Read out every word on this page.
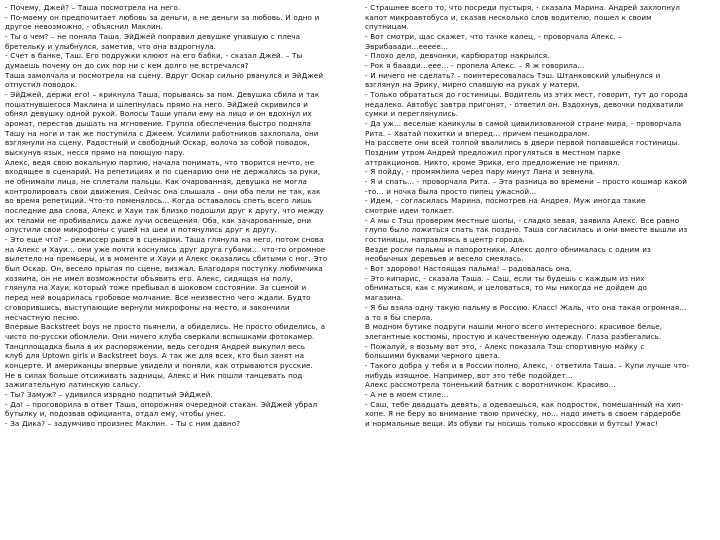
- Почему, Джей? – Таша посмотрела на него.
- По-моему он предпочитает любовь за деньги, а не деньги за любовь. И одно и
другое невозможно, - объяснил Маклин.
- Ты о чем? – не поняла Таша. ЭйДжей поправил девушке упавшую с плеча
бретельку и улыбнулся, заметив, что она вздрогнула.
- Счет в банке, Таш. Его подружки клюют на его бабки, - сказал Джей. – Ты
думаешь почему он до сих пор ни с кем долго не встречался?
Таша замолчала и посмотрела на сцену. Вдруг Оскар сильно рванулся и ЭйДжей
отпустил поводок.
- ЭйДжей, держи его! – крикнула Таша, порываясь за пом. Девушка сбила и так
пошатнувшегося Маклина и шлепнулась прямо на него. ЭйДжей скривился и
обнял девушку одной рукой. Волосы Таши упали ему на лицо и он вдохнул их
аромат, перестав дышать на мгновение. Группа обеспечения быстро поднялa
Ташу на ноги и так же поступила с Джеем. Усилили работников захлопала, они
взглянули на сцену. Радостный и свободный Оскар, волоча за собой поводок,
выскунув язык, несся прямо на поющую пару.
Алекс, ведя свою вокальную партию, начала понимать, что творится нечто, не
входящее в сценарий. На репетициях и по сценарию они не держались за руки,
не обнимали лица, не сплетали пальцы. Как очарованная, девушка не могла
контролировать свои движения. Сейчас она слышала – они оба пели не так, как
во время репетиций. Что-то поменялось… Когда оставалось спеть всего лишь
последние два слова, Алекс и Хауи так близко подошли друг к другу, что между
их телами не пробивались даже лучи освещения. Оба, как зачарованные, они
опустили свои микрофоны с ушей на шеи и потянулись друг к другу.
- Это еще что? – режиссер рывся в сценарии. Таша глянула на него, потом снова
на Алекс и Хауи… они уже почти коснулись друг друга губами… что-то огромное
вылетело на премьеры, и в моменте и Хауи и Алекс оказались сбитыми с ног. Это
был Оскар. Он, весело прыгая по сцене, визжал. Благодаря поступку любимчика
хозяина, он не имел возможности объявить его. Алекс, сидящая на полу,
глянула на Хауи, который тоже пребывал в шоковом состоянии. За сценой и
перед ней воцарилась гробовое молчание. Все неизвестно чего ждали. Будто
сговорившись, выступающие вернули микрофоны на место, и закончили
несчастную песню.
Впервые Backstreet boys не просто пьянели, а обиделись. Не просто обиделись, а
чисто по-русски обомлели. Они ничего клуба сверкали вспышками фотокамер.
Танцплощадка была в их распоряжении, ведь сегодня Андрей выкупил весь
клуб для Uptown girls и Backstreet boys. А так же для всех, кто был занят на
концерте. И американцы впервые увидели и поняли, как отрываются русские.
Не в силах больше отсиживать задницы, Алекс и Ник пошли танцевать под
зажигательную латинскую сальсу.
- Ты? Замуж? – удивился изрядно подпитый ЭйДжей.
- Да! – проговорила в ответ Таша, опорожняя очередной стакан. ЭйДжей убрал
бутылку и, подозвав официанта, отдал ему, чтобы унес.
- За Дика? – задумчиво произнес Маклин. – Ты с ним давно?
- Страшнее всего то, что посреди пустыря, - сказала Марина. Андрей захлопнул
капот микроавтобуса и, сказав несколько слов водителю, пошел к своим
спутницам.
- Вот смотри, щас скажет, что тачке капец, - проворчала Алекс. –
Эврибааади…еееее…
- Плохо дело, девчонки, карбюратор накрылся.
- Рок я бааади…еее… - пропела Алекс. – Я ж говорила…
- И ничего не сделать? – поинтересовалась Тэш. Штанковский улыбнулся и
взглянул на Эрику, мирно спавшую на руках у матери.
- Только обрататься до гостиницы. Водитель из этих мест, говорит, тут до города
недалеко. Автобус завтра пригонят, - ответил он. Вздохнув, девочки подхватили
сумки и переглянулись.
- Да уж… веселые каникулы в самой цивилизованной стране мира, - проворчала
Рита. – Хватай похитки и вперед… причем пешкодралом.
На рассвете они всей толпой ввалились в двери первой попавшейся гостиницы.
Поздним утром Андрей предложил прогуляться в местном парке
аттракционов. Никто, кроме Эрики, его предложение не принял.
- Я пойду, - промямлила через пару минут Лана и зевнула.
- Я и спать… - проворчала Рита. – Эта разница во времени – просто кошмар какой
-то… и ночка была просто пипец ужасной…
- Идем, - согласилась Марина, посмотрев на Андрея. Муж иногда такие
смотрие идеи толкает.
- А мы с Тэш проверим местные шопы, - сладко зевая, заявила Алекс. Все равно
глупо было ложиться спать так поздно. Таша согласилась и они вместе вышли из
гостиницы, направляясь в центр города.
Везде росли пальмы и папоротники. Алекс долго обнималась с одним из
необычных деревьев и весело смеялась.
- Вот здорово! Настоящая пальма! – радовалась она.
- Это кипарис, - сказала Таша. – Саш, если ты будешь с каждым из них
обниматься, как с мужиком, и целоваться, то мы никогда не дойдем до
магазина.
- Я бы взяла одну такую пальму в Россию. Класс! Жаль, что она такая огромная…
а то я бы сперла.
В модном бутике подруги нашли много всего интересного: красивое белье,
элегантные костюмы, простую и качественную одежду. Глаза разбегались.
- Пожалуй, я возьму вот это, - Алекс показала Тэш спортивную майку с
большими буквами черного цвета.
- Такого добра у тебя и в России полно, Алекс, - ответила Таша. – Купи лучше что-
нибудь изящное. Например, вот это тебе подойдет…
Алекс рассмотрела тоненький батник с воротничком. Красиво…
- А не в моем стиле…
- Саш, тебе двадцать девять, а одеваешься, как подросток, помешанный на хип-
хопе. Я не беру во внимание твою прическу, но… надо иметь в своем гардеробе
и нормальные вещи. Из обуви ты носишь только кроссовки и бутсы! Ужас!
